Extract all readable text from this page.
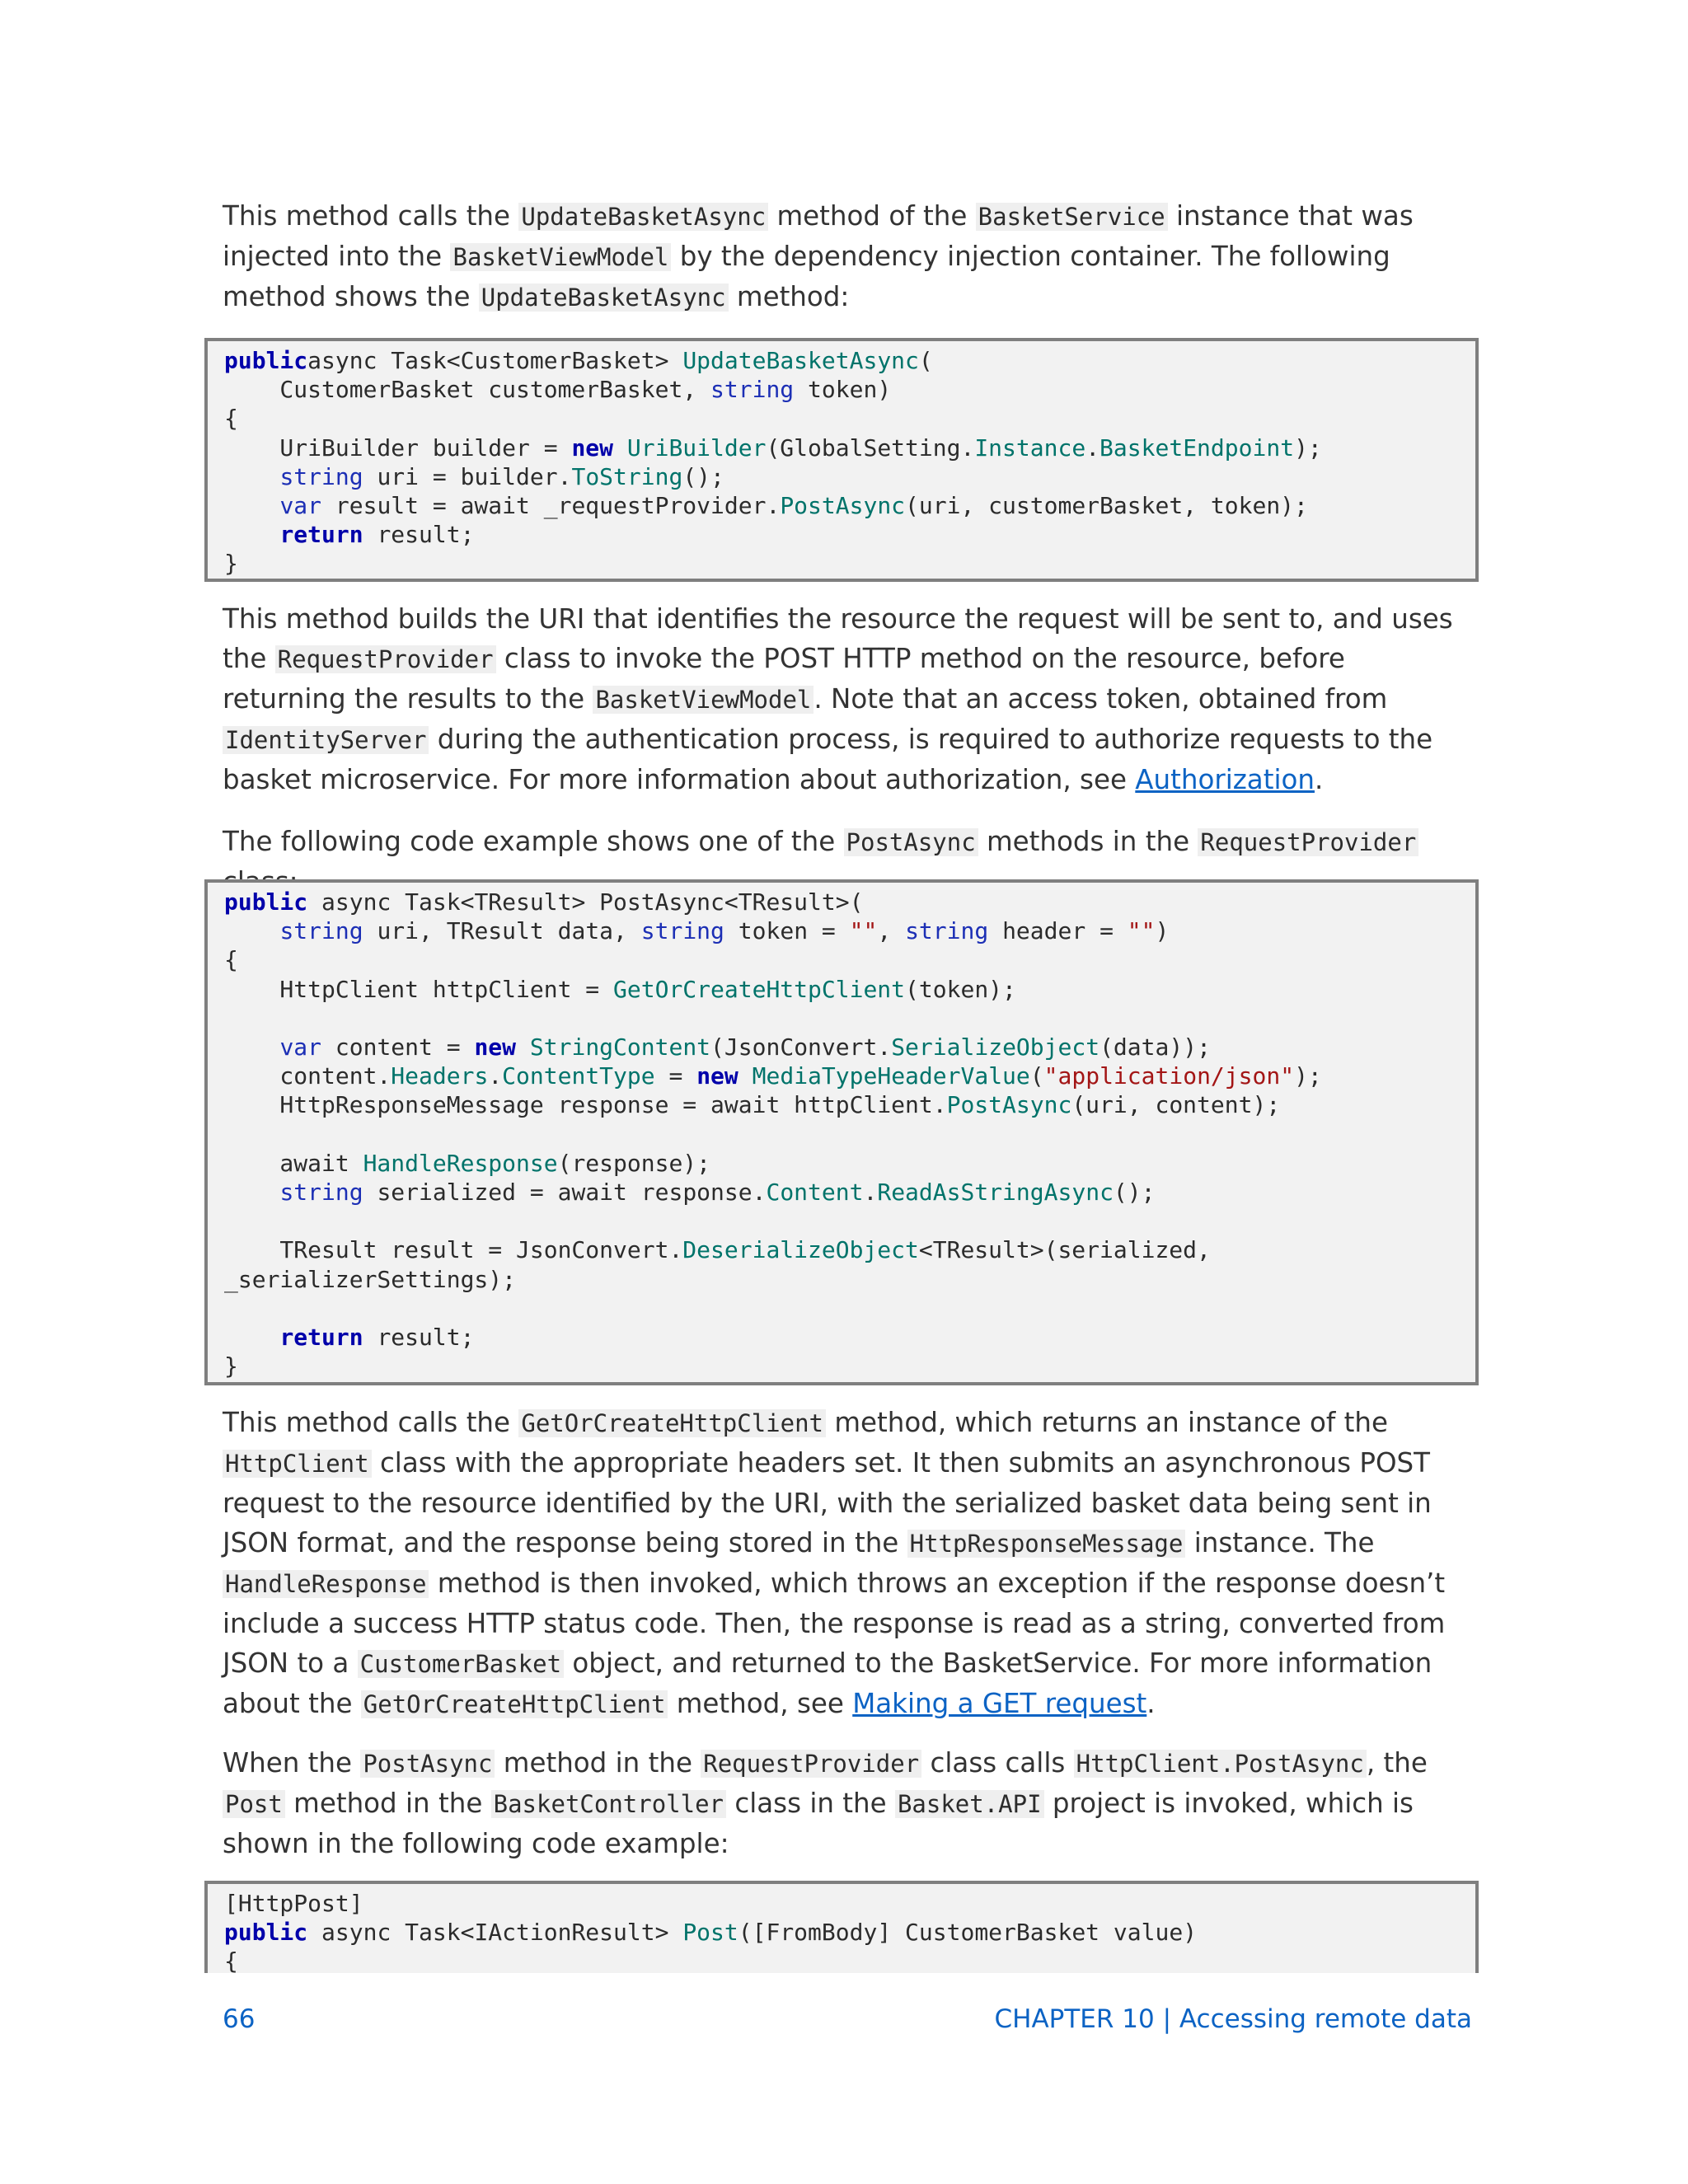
This method calls the UpdateBasketAsync method of the BasketService instance that was injected into the BasketViewModel by the dependency injection container. The following method shows the UpdateBasketAsync method:

publicasync Task<CustomerBasket> UpdateBasketAsync(
CustomerBasket customerBasket, string token)
{
UriBuilder builder = new UriBuilder(GlobalSetting.Instance.BasketEndpoint);
string uri = builder.ToString();
var result = await _requestProvider.PostAsync(uri, customerBasket, token);
return result;
}

This method builds the URI that identifies the resource the request will be sent to, and uses the RequestProvider class to invoke the POST HTTP method on the resource, before returning the results to the BasketViewModel. Note that an access token, obtained from IdentityServer during the authentication process, is required to authorize requests to the basket microservice. For more information about authorization, see Authorization.

The following code example shows one of the PostAsync methods in the RequestProvider

public async Task<TResult> PostAsync<TResult>(
string uri, TResult data, string token = "", string header = "")
{
HttpClient httpClient = GetOrCreateHttpClient(token);
var content = new StringContent(JsonConvert.SerializeObject(data));
content.Headers.ContentType = new MediaTypeHeaderValue("application/json");
HttpResponseMessage response = await httpClient.PostAsync(uri, content);
await HandleResponse(response);
string serialized = await response.Content.ReadAsStringAsync();
TResult result = JsonConvert.DeserializeObject<TResult>(serialized,
_serializerSettings);
return result;
}

This method calls the GetOrCreateHttpClient method, which returns an instance of the HttpClient class with the appropriate headers set. It then submits an asynchronous POST request to the resource identified by the URI, with the serialized basket data being sent in JSON format, and the response being stored in the HttpResponseMessage instance. The HandleResponse method is then invoked, which throws an exception if the response doesn’t include a success HTTP status code. Then, the response is read as a string, converted from JSON to a CustomerBasket object, and returned to the BasketService. For more information about the GetOrCreateHttpClient method, see Making a GET request.

When the PostAsync method in the RequestProvider class calls HttpClient.PostAsync, the Post method in the BasketController class in the Basket.API project is invoked, which is shown in the following code example:

[HttpPost]
public async Task<IActionResult> Post([FromBody] CustomerBasket value)
{
66	CHAPTER 10 | Accessing remote data
